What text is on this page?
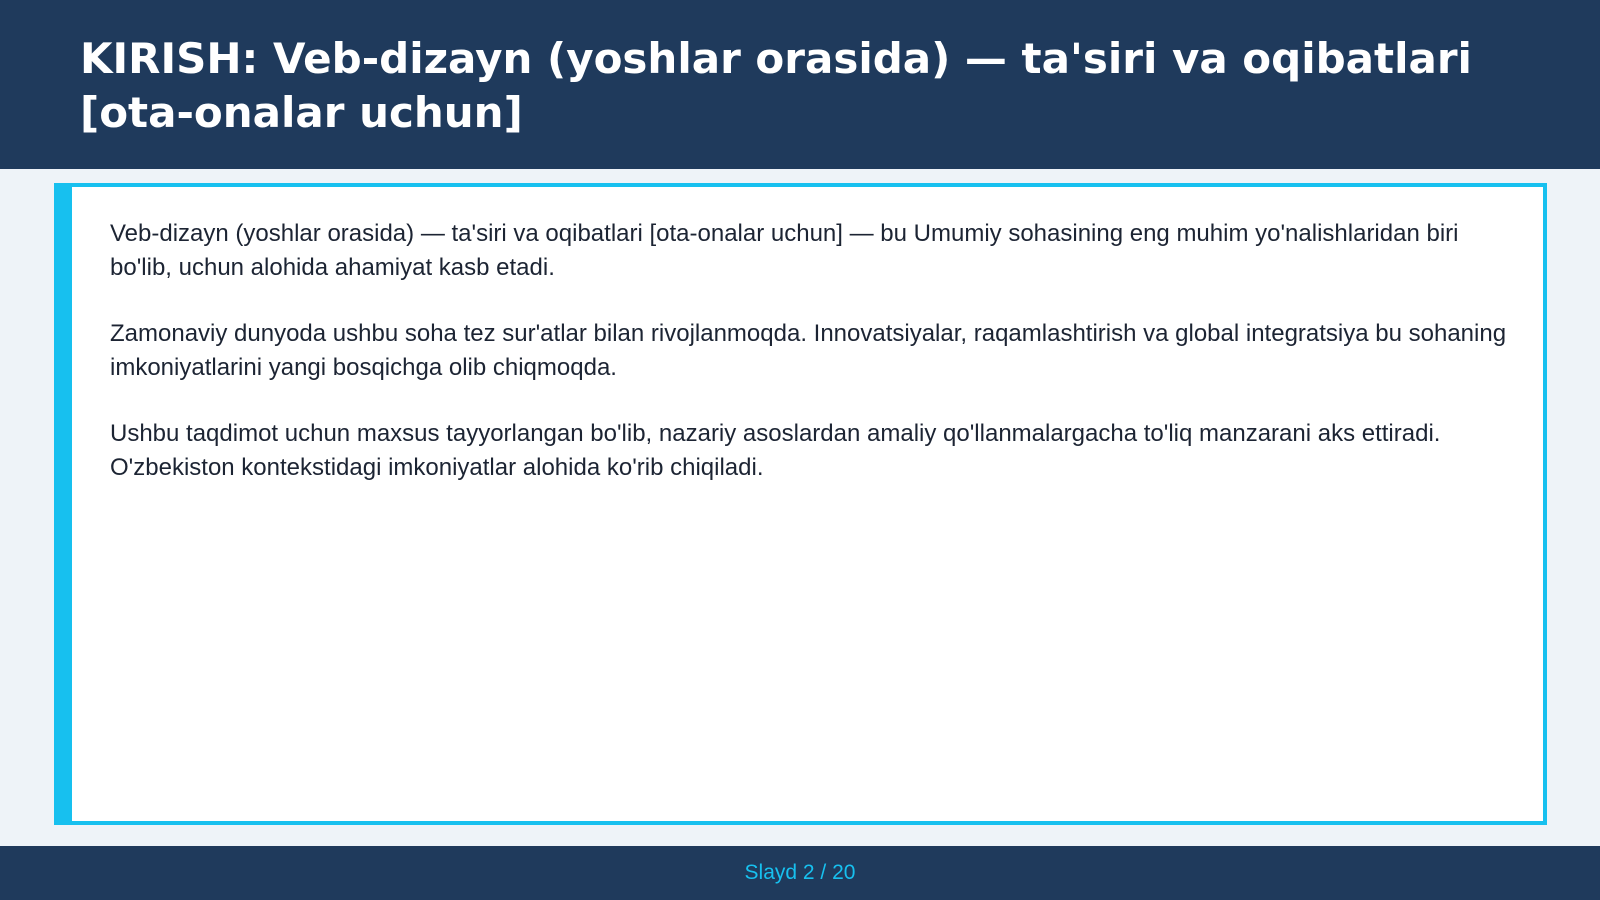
KIRISH: Veb-dizayn (yoshlar orasida) — ta'siri va oqibatlari [ota-onalar uchun]

Veb-dizayn (yoshlar orasida) — ta'siri va oqibatlari [ota-onalar uchun] — bu Umumiy sohasining eng muhim yo'nalishlaridan biri bo'lib, uchun alohida ahamiyat kasb etadi.

Zamonaviy dunyoda ushbu soha tez sur'atlar bilan rivojlanmoqda. Innovatsiyalar, raqamlashtirish va global integratsiya bu sohaning imkoniyatlarini yangi bosqichga olib chiqmoqda.

Ushbu taqdimot uchun maxsus tayyorlangan bo'lib, nazariy asoslardan amaliy qo'llanmalargacha to'liq manzarani aks ettiradi. O'zbekiston kontekstidagi imkoniyatlar alohida ko'rib chiqiladi.

Slayd 2 / 20
